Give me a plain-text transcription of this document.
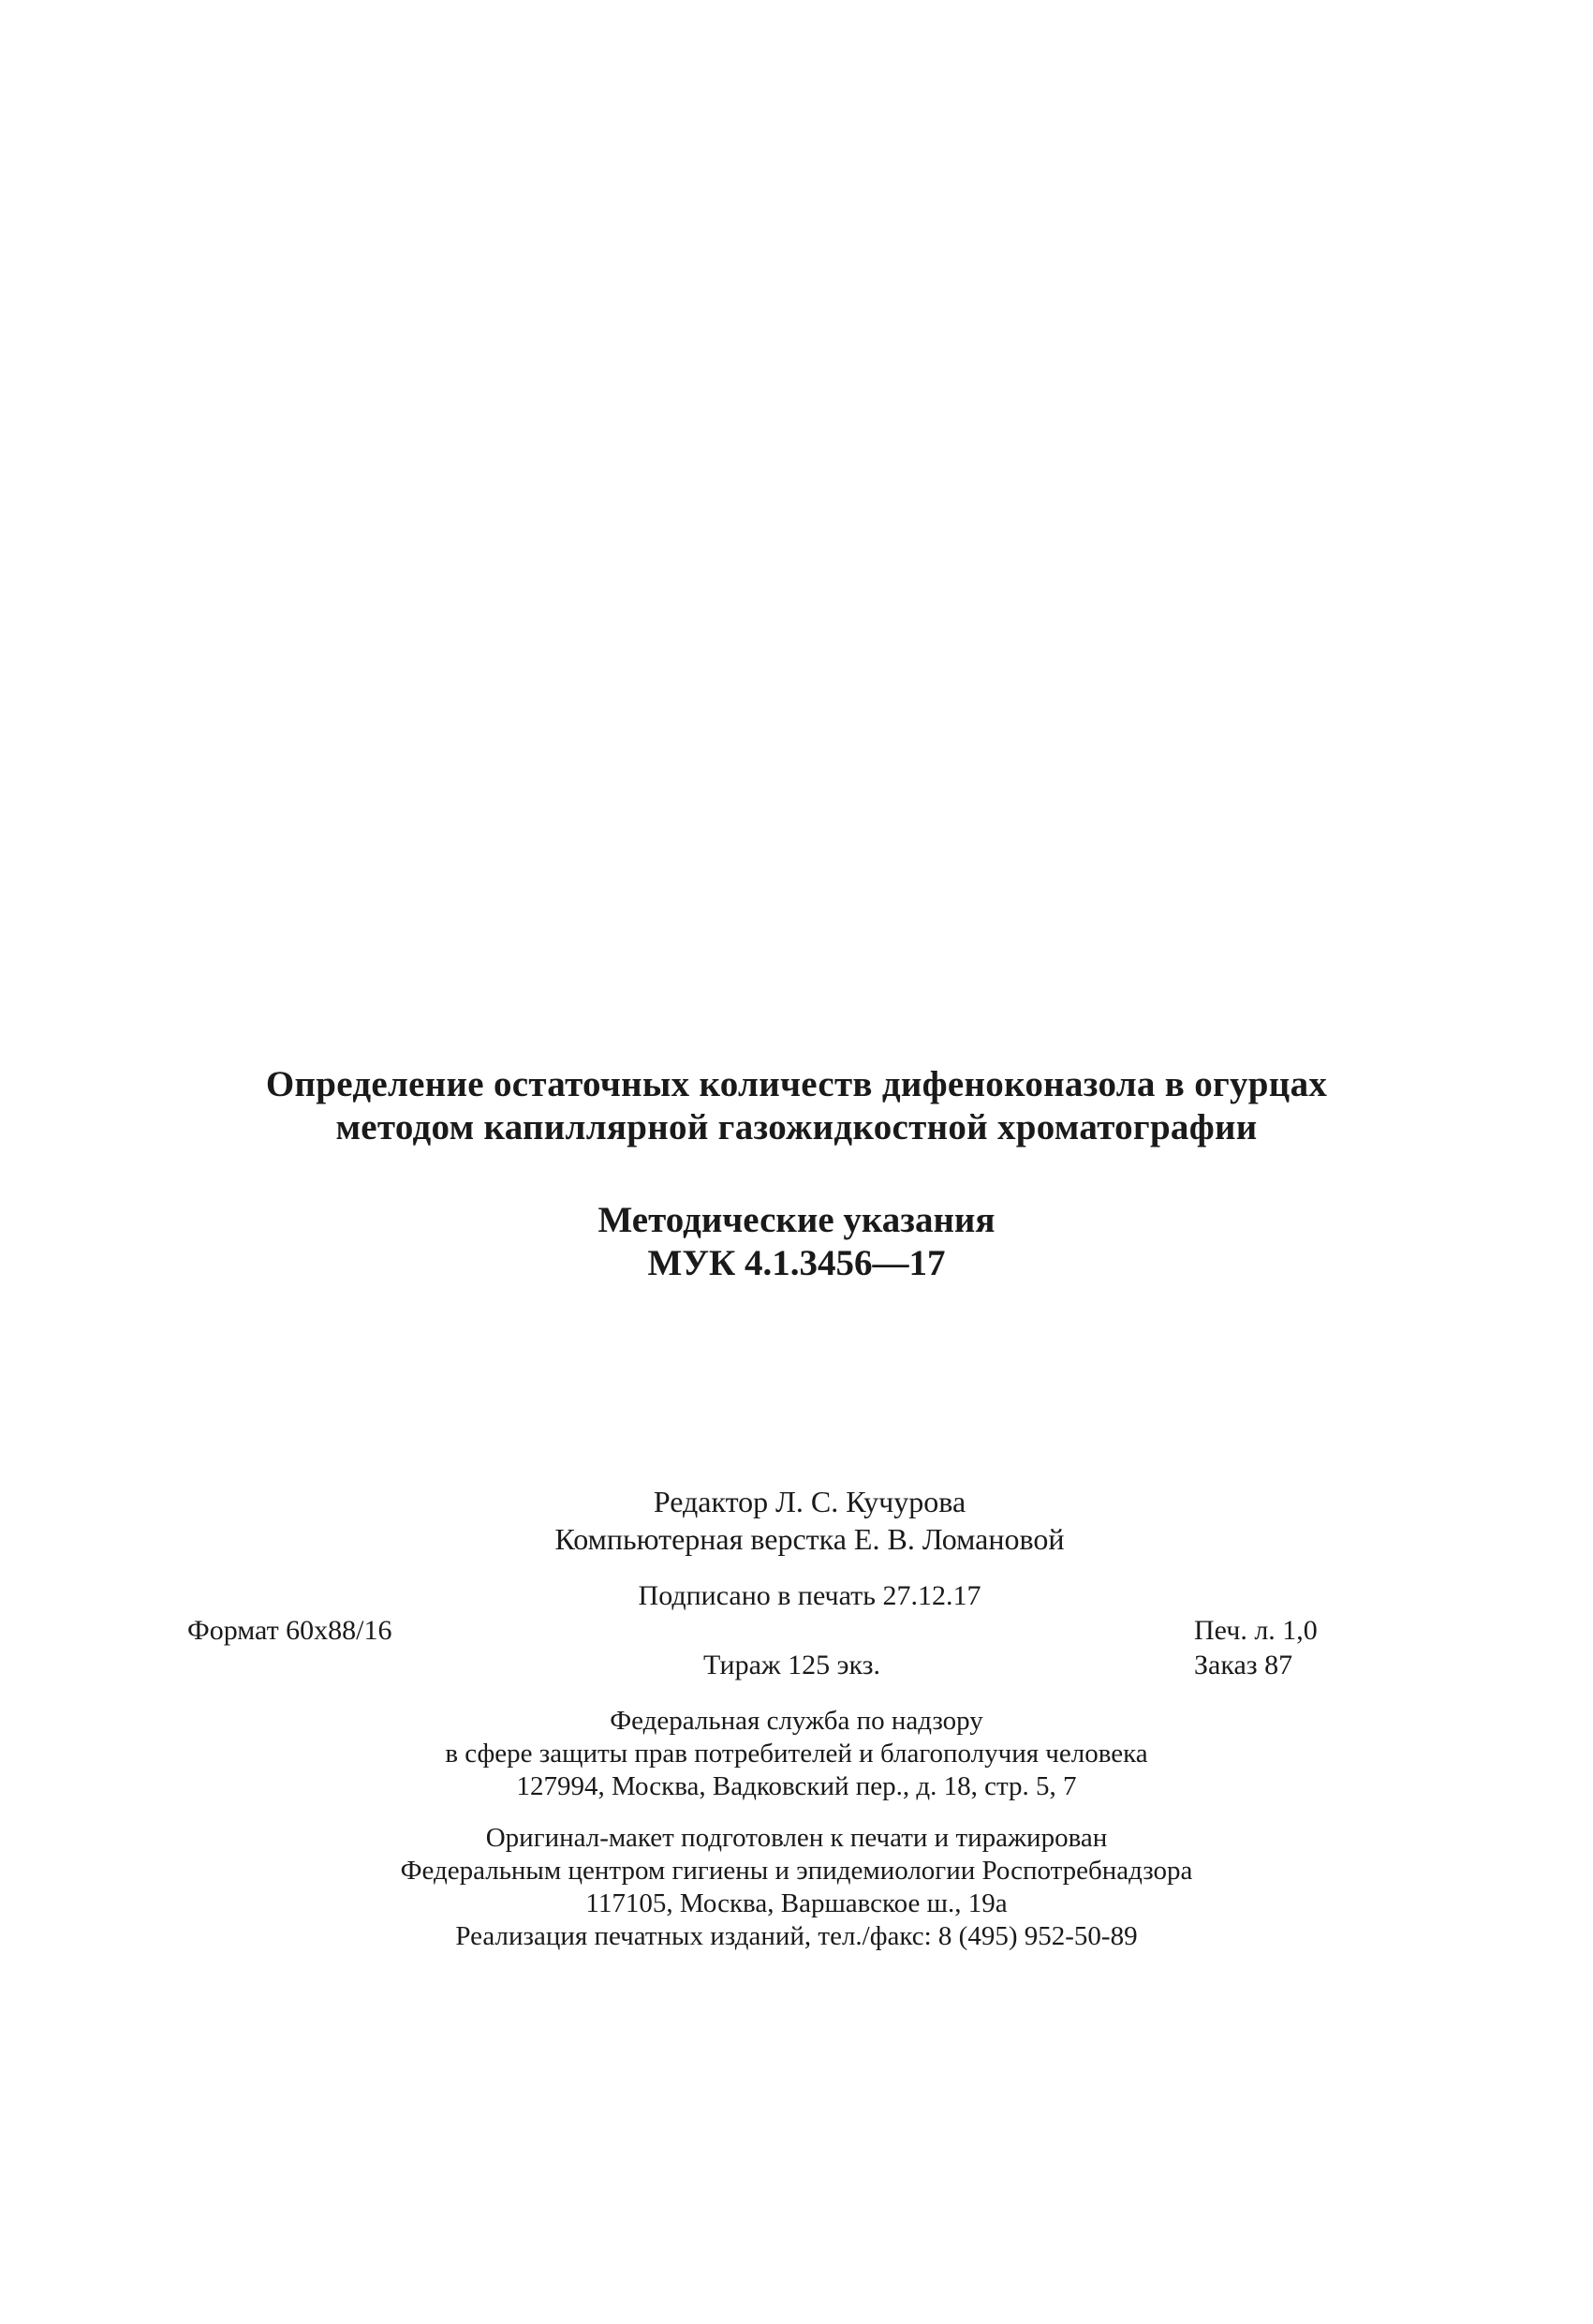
Определение остаточных количеств дифеноконазола в огурцах
методом капиллярной газожидкостной хроматографии
Методические указания
МУК 4.1.3456—17
Редактор Л. С. Кучурова
Компьютерная верстка Е. В. Ломановой
Подписано в печать 27.12.17
Формат 60x88/16	Печ. л. 1,0
Тираж 125 экз.	Заказ 87
Федеральная служба по надзору
в сфере защиты прав потребителей и благополучия человека
127994, Москва, Вадковский пер., д. 18, стр. 5, 7
Оригинал-макет подготовлен к печати и тиражирован
Федеральным центром гигиены и эпидемиологии Роспотребнадзора
117105, Москва, Варшавское ш., 19а
Реализация печатных изданий, тел./факс: 8 (495) 952-50-89
